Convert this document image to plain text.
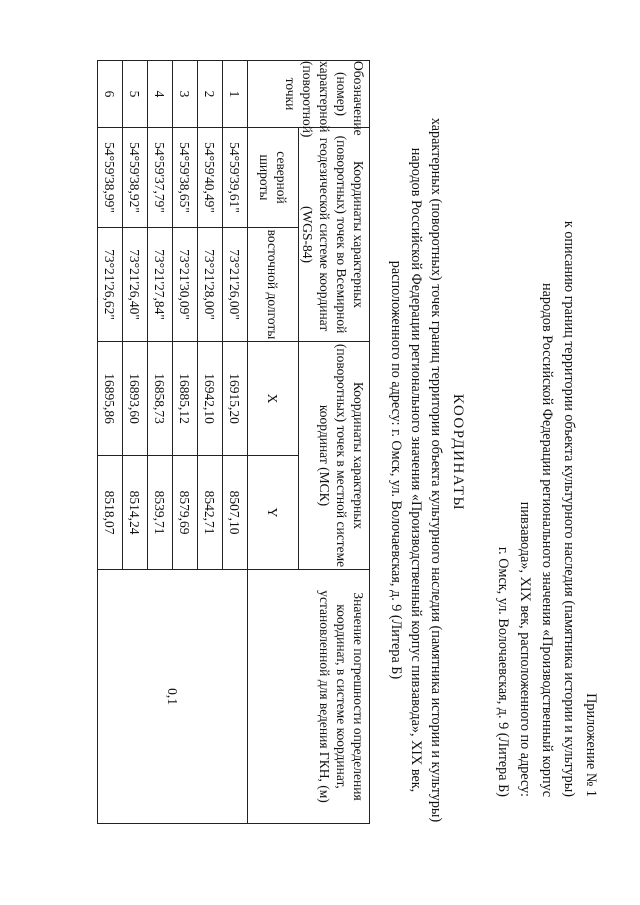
Приложение № 1
к описанию границ территории объекта культурного наследия (памятника истории и культуры)
народов Российской Федерации регионального значения «Производственный корпус
пивзавода», XIX век, расположенного по адресу:
г. Омск, ул. Волочаевская, д. 9 (Литера Б)
КООРДИНАТЫ
характерных (поворотных) точек границ территории объекта культурного наследия (памятника истории и культуры)
народов Российской Федерации регионального значения «Производственный корпус пивзавода», XIX век,
расположенного по адресу: г. Омск, ул. Волочаевская, д. 9 (Литера Б)
Обозначение (номер) характерной (поворотной) точки	Координаты характерных (поворотных) точек во Всемирной геодезической системе координат (WGS-84)		Координаты характерных (поворотных) точек в местной системе координат (МСК)		Значение погрешности определения координат, в системе координат, установленной для ведения ГКН, (м)
	северной широты	восточной долготы	X	Y	
1	54°59'39,61"	73°21'26,00"	16915,20	8507,10	0,1
2	54°59'40,49"	73°21'28,00"	16942,10	8542,71	
3	54°59'38,65"	73°21'30,09"	16885,12	8579,69	
4	54°59'37,79"	73°21'27,84"	16858,73	8539,71	
5	54°59'38,92"	73°21'26,40"	16893,60	8514,24	
6	54°59'38,99"	73°21'26,62"	16895,86	8518,07	
